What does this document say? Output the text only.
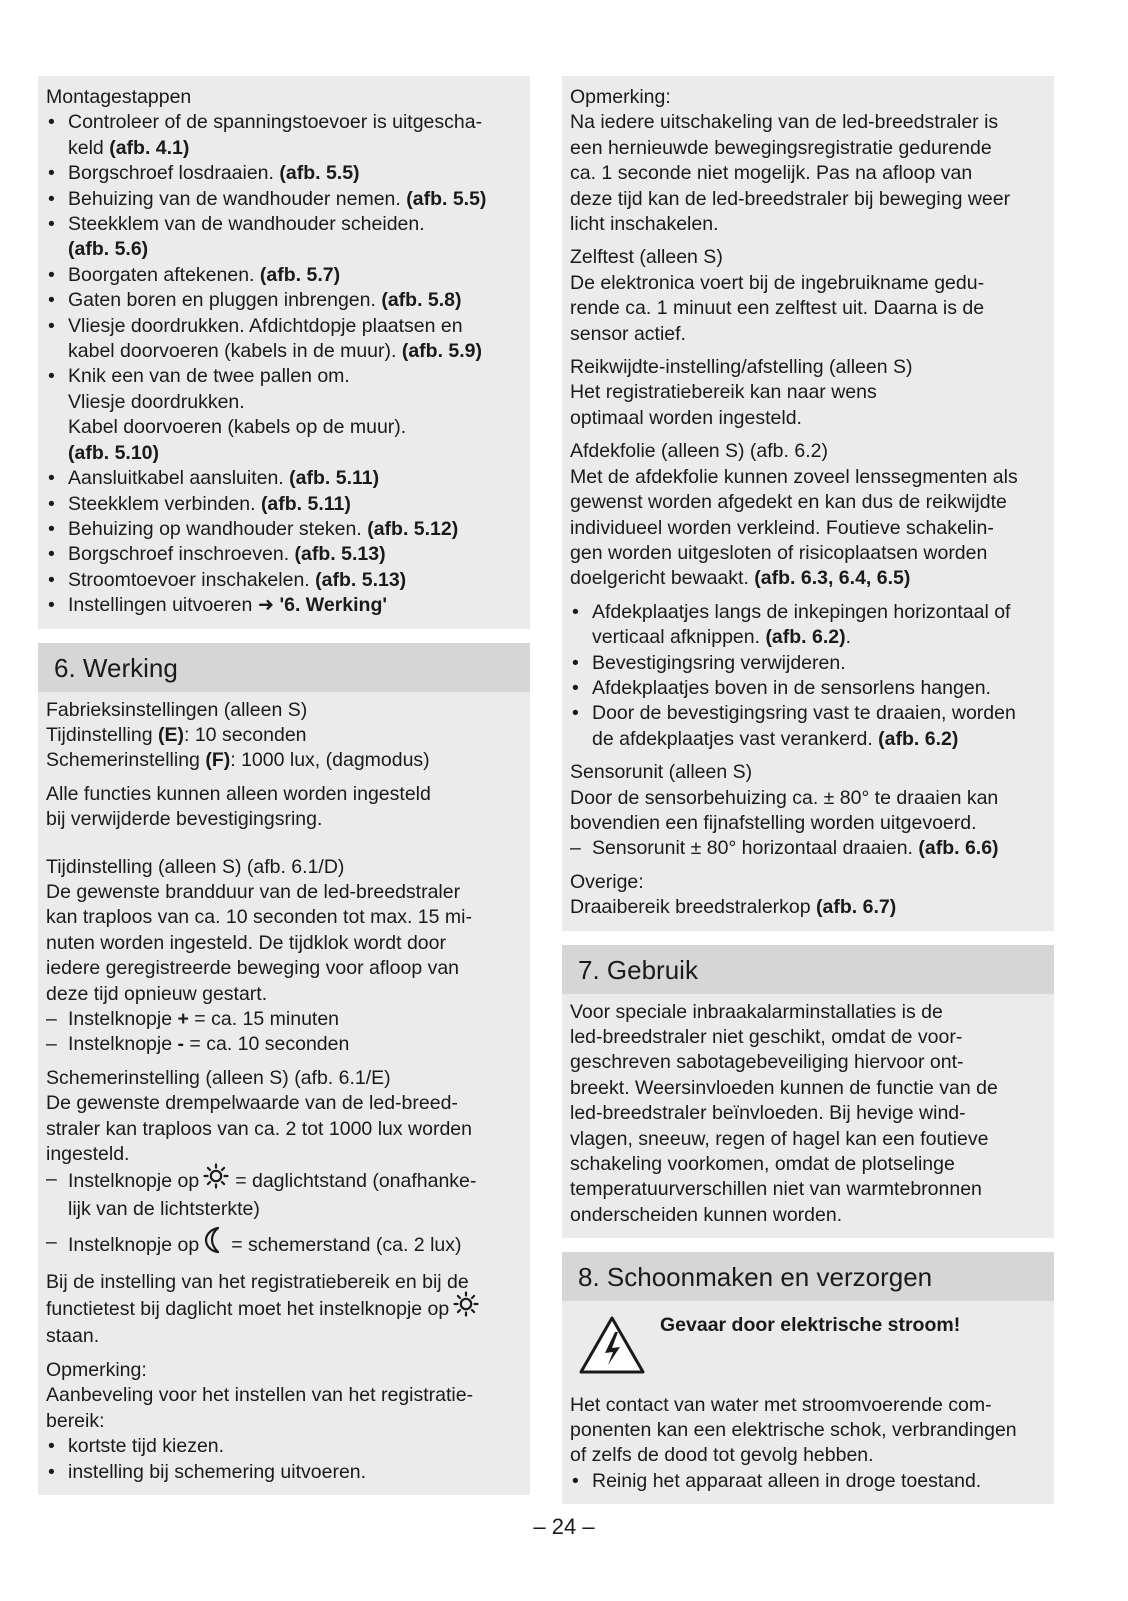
Montagestappen

• Controleer of de spanningstoevoer is uitgescha-
keld (afb. 4.1)
• Borgschroef losdraaien. (afb. 5.5)
• Behuizing van de wandhouder nemen. (afb. 5.5)
• Steekklem van de wandhouder scheiden.
(afb. 5.6)
• Boorgaten aftekenen. (afb. 5.7)
• Gaten boren en pluggen inbrengen. (afb. 5.8)
• Vliesje doordrukken. Afdichtdopje plaatsen en
kabel doorvoeren (kabels in de muur). (afb. 5.9)
• Knik een van de twee pallen om.
Vliesje doordrukken.
Kabel doorvoeren (kabels op de muur).
(afb. 5.10)
• Aansluitkabel aansluiten. (afb. 5.11)
• Steekklem verbinden. (afb. 5.11)
• Behuizing op wandhouder steken. (afb. 5.12)
• Borgschroef inschroeven. (afb. 5.13)
• Stroomtoevoer inschakelen. (afb. 5.13)
• Instellingen uitvoeren ➜ '6. Werking'
6. Werking

Fabrieksinstellingen (alleen S)

Tijdinstelling (E): 10 seconden

Schemerinstelling (F): 1000 lux, (dagmodus)

Alle functies kunnen alleen worden ingesteld
bij verwijderde bevestigingsring.

Tijdinstelling (alleen S) (afb. 6.1/D)

De gewenste brandduur van de led-breedstraler
kan traploos van ca. 10 seconden tot max. 15 mi-
nuten worden ingesteld. De tijdklok wordt door
iedere geregistreerde beweging voor afloop van
deze tijd opnieuw gestart.

– Instelknopje + = ca. 15 minuten
– Instelknopje - = ca. 10 seconden

Schemerinstelling (alleen S) (afb. 6.1/E)

De gewenste drempelwaarde van de led-breed-
straler kan traploos van ca. 2 tot 1000 lux worden
ingesteld.

– Instelknopje op = daglichtstand (onafhanke-
lijk van de lichtsterkte)
– Instelknopje op = schemerstand (ca. 2 lux)

Bij de instelling van het registratiebereik en bij de
functietest bij daglicht moet het instelknopje op
staan.

Opmerking:

Aanbeveling voor het instellen van het registratie-
bereik:

• kortste tijd kiezen.
• instelling bij schemering uitvoeren.

Opmerking:

Na iedere uitschakeling van de led-breedstraler is
een hernieuwde bewegingsregistratie gedurende
ca. 1 seconde niet mogelijk. Pas na afloop van
deze tijd kan de led-breedstraler bij beweging weer
licht inschakelen.

Zelftest (alleen S)

De elektronica voert bij de ingebruikname gedu-
rende ca. 1 minuut een zelftest uit. Daarna is de
sensor actief.

Reikwijdte-instelling/afstelling (alleen S)

Het registratiebereik kan naar wens
optimaal worden ingesteld.

Afdekfolie (alleen S) (afb. 6.2)

Met de afdekfolie kunnen zoveel lenssegmenten als
gewenst worden afgedekt en kan dus de reikwijdte
individueel worden verkleind. Foutieve schakelin-
gen worden uitgesloten of risicoplaatsen worden
doelgericht bewaakt. (afb. 6.3, 6.4, 6.5)

• Afdekplaatjes langs de inkepingen horizontaal of
verticaal afknippen. (afb. 6.2).
• Bevestigingsring verwijderen.
• Afdekplaatjes boven in de sensorlens hangen.
• Door de bevestigingsring vast te draaien, worden
de afdekplaatjes vast verankerd. (afb. 6.2)

Sensorunit (alleen S)

Door de sensorbehuizing ca. ± 80° te draaien kan
bovendien een fijnafstelling worden uitgevoerd.

– Sensorunit ± 80° horizontaal draaien. (afb. 6.6)

Overige:

Draaibereik breedstralerkop (afb. 6.7)

7. Gebruik

Voor speciale inbraakalarminstallaties is de
led-breedstraler niet geschikt, omdat de voor-
geschreven sabotagebeveiliging hiervoor ont-
breekt. Weersinvloeden kunnen de functie van de
led-breedstraler beïnvloeden. Bij hevige wind-
vlagen, sneeuw, regen of hagel kan een foutieve
schakeling voorkomen, omdat de plotselinge
temperatuurverschillen niet van warmtebronnen
onderscheiden kunnen worden.

8. Schoonmaken en verzorgen
Gevaar door elektrische stroom!

Het contact van water met stroomvoerende com-
ponenten kan een elektrische schok, verbrandingen
of zelfs de dood tot gevolg hebben.

• Reinig het apparaat alleen in droge toestand.
– 24 –
